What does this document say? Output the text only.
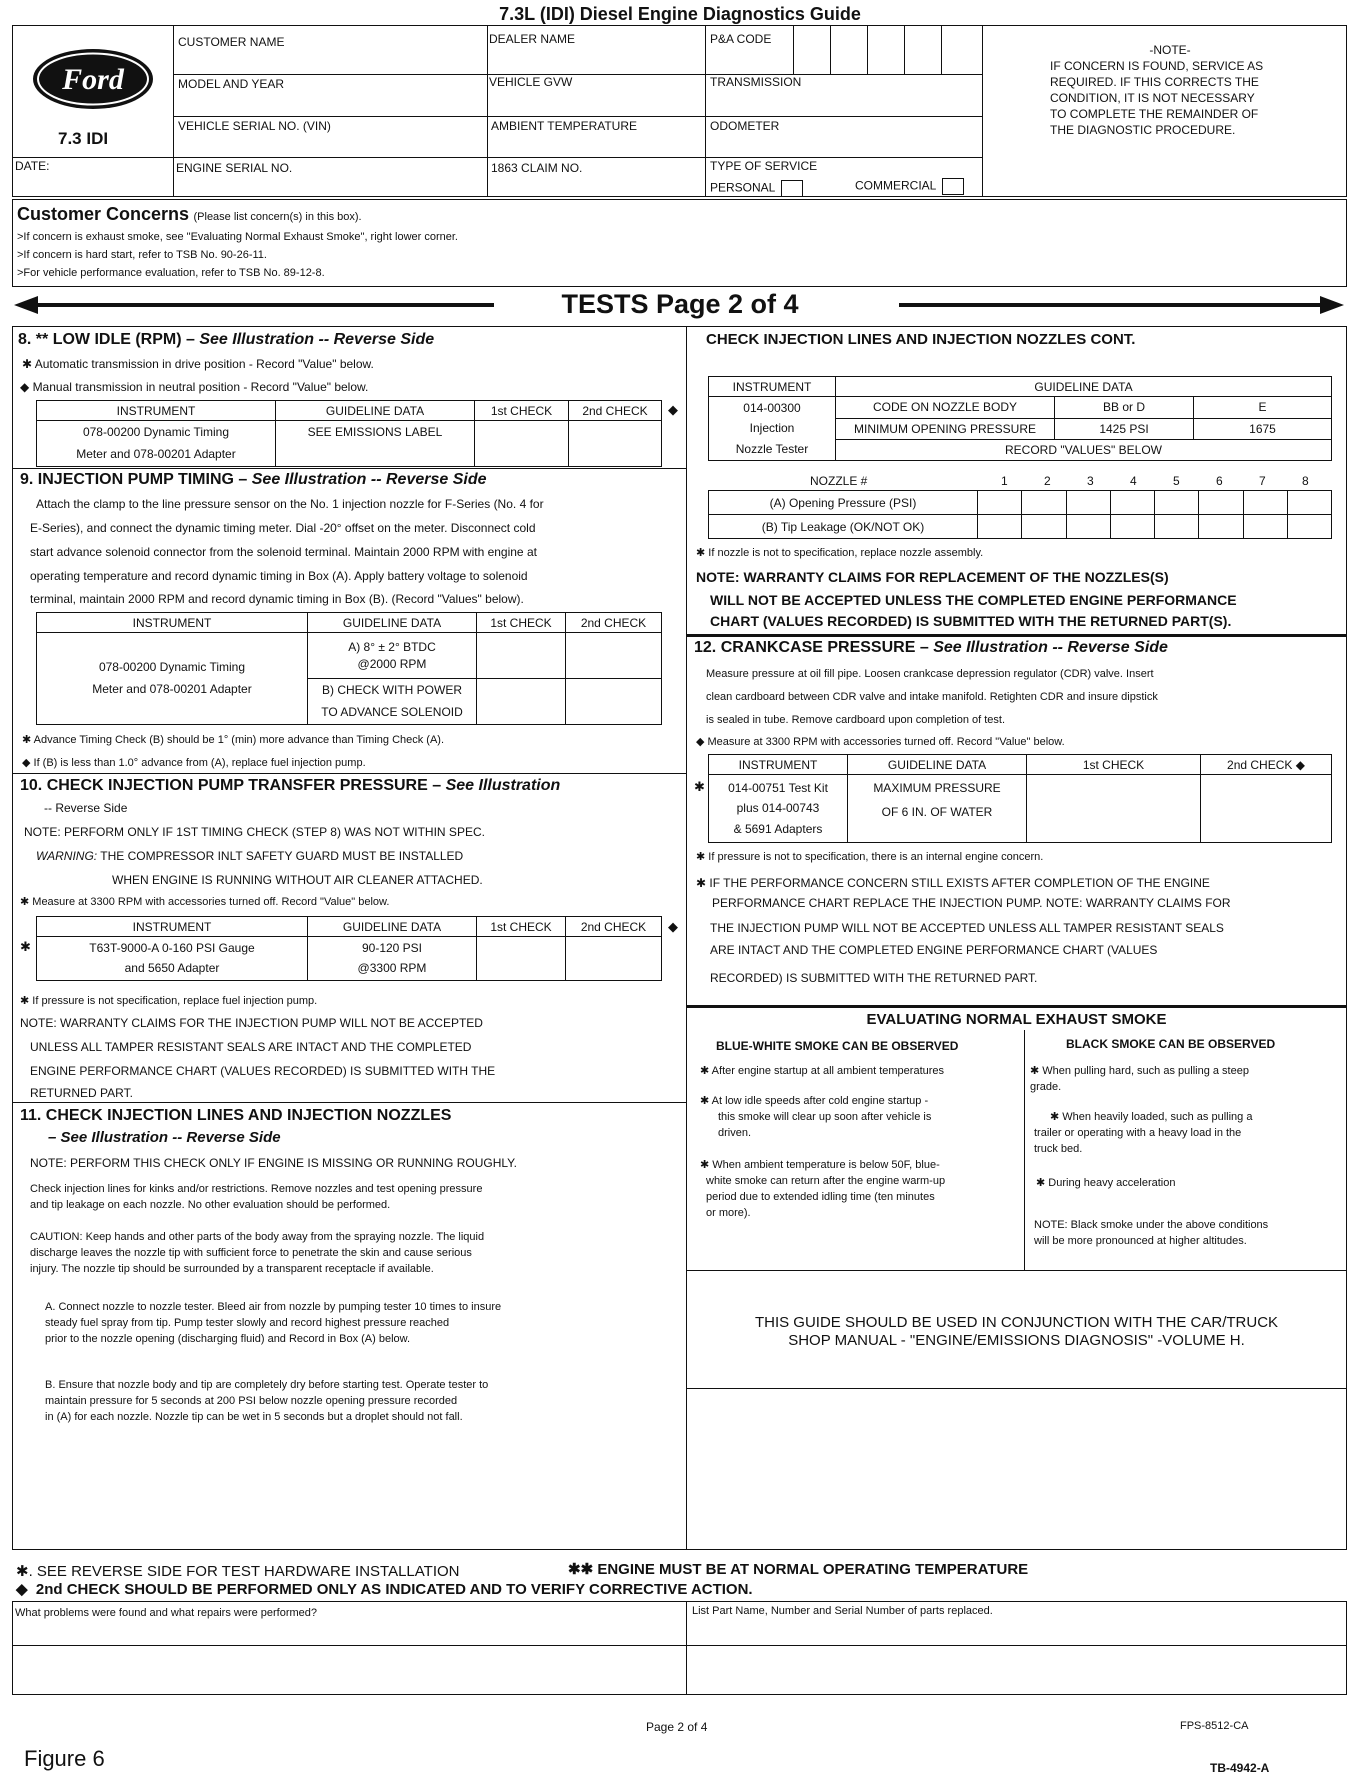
7.3L (IDI) Diesel Engine Diagnostics Guide
Ford
7.3 IDI
CUSTOMER NAME	DEALER NAME	P&A CODE
MODEL AND YEAR	VEHICLE GVW	TRANSMISSION
VEHICLE SERIAL NO. (VIN)	AMBIENT TEMPERATURE	ODOMETER
DATE:	ENGINE SERIAL NO.	1863 CLAIM NO.	TYPE OF SERVICE
PERSONAL	COMMERCIAL
-NOTE-
IF CONCERN IS FOUND, SERVICE AS
REQUIRED. IF THIS CORRECTS THE
CONDITION, IT IS NOT NECESSARY
TO COMPLETE THE REMAINDER OF
THE DIAGNOSTIC PROCEDURE.
Customer Concerns (Please list concern(s) in this box).
>If concern is exhaust smoke, see "Evaluating Normal Exhaust Smoke", right lower corner.
>If concern is hard start, refer to TSB No. 90-26-11.
>For vehicle performance evaluation, refer to TSB No. 89-12-8.
TESTS Page 2 of 4
8. ** LOW IDLE (RPM) – See Illustration -- Reverse Side
✱ Automatic transmission in drive position - Record "Value" below.
◆ Manual transmission in neutral position - Record "Value" below.
INSTRUMENT	GUIDELINE DATA	1st CHECK	2nd CHECK
078-00200 Dynamic Timing
Meter and 078-00201 Adapter	SEE EMISSIONS LABEL		
◆
9. INJECTION PUMP TIMING – See Illustration -- Reverse Side
Attach the clamp to the line pressure sensor on the No. 1 injection nozzle for F-Series (No. 4 for
E-Series), and connect the dynamic timing meter. Dial -20° offset on the meter. Disconnect cold
start advance solenoid connector from the solenoid terminal. Maintain 2000 RPM with engine at
operating temperature and record dynamic timing in Box (A). Apply battery voltage to solenoid
terminal, maintain 2000 RPM and record dynamic timing in Box (B). (Record "Values" below).
INSTRUMENT	GUIDELINE DATA	1st CHECK	2nd CHECK
078-00200 Dynamic Timing
Meter and 078-00201 Adapter	A) 8° ± 2° BTDC
@2000 RPM		
	B) CHECK WITH POWER
TO ADVANCE SOLENOID		
✱ Advance Timing Check (B) should be 1° (min) more advance than Timing Check (A).
◆ If (B) is less than 1.0° advance from (A), replace fuel injection pump.
10. CHECK INJECTION PUMP TRANSFER PRESSURE – See Illustration
-- Reverse Side
NOTE: PERFORM ONLY IF 1ST TIMING CHECK (STEP 8) WAS NOT WITHIN SPEC.
WARNING: THE COMPRESSOR INLT SAFETY GUARD MUST BE INSTALLED
WHEN ENGINE IS RUNNING WITHOUT AIR CLEANER ATTACHED.
✱ Measure at 3300 RPM with accessories turned off. Record "Value" below.
INSTRUMENT	GUIDELINE DATA	1st CHECK	2nd CHECK
T63T-9000-A 0-160 PSI Gauge
and 5650 Adapter	90-120 PSI
@3300 RPM		
✱
◆
✱ If pressure is not specification, replace fuel injection pump.
NOTE: WARRANTY CLAIMS FOR THE INJECTION PUMP WILL NOT BE ACCEPTED
UNLESS ALL TAMPER RESISTANT SEALS ARE INTACT AND THE COMPLETED
ENGINE PERFORMANCE CHART (VALUES RECORDED) IS SUBMITTED WITH THE
RETURNED PART.
11. CHECK INJECTION LINES AND INJECTION NOZZLES
– See Illustration -- Reverse Side
NOTE: PERFORM THIS CHECK ONLY IF ENGINE IS MISSING OR RUNNING ROUGHLY.
Check injection lines for kinks and/or restrictions. Remove nozzles and test opening pressure
and tip leakage on each nozzle. No other evaluation should be performed.
CAUTION: Keep hands and other parts of the body away from the spraying nozzle. The liquid
discharge leaves the nozzle tip with sufficient force to penetrate the skin and cause serious
injury. The nozzle tip should be surrounded by a transparent receptacle if available.
A. Connect nozzle to nozzle tester. Bleed air from nozzle by pumping tester 10 times to insure
steady fuel spray from tip. Pump tester slowly and record highest pressure reached
prior to the nozzle opening (discharging fluid) and Record in Box (A) below.
B. Ensure that nozzle body and tip are completely dry before starting test. Operate tester to
maintain pressure for 5 seconds at 200 PSI below nozzle opening pressure recorded
in (A) for each nozzle. Nozzle tip can be wet in 5 seconds but a droplet should not fall.
CHECK INJECTION LINES AND INJECTION NOZZLES CONT.
INSTRUMENT	GUIDELINE DATA		
014-00300
Injection
Nozzle Tester	CODE ON NOZZLE BODY	BB or D	E
	MINIMUM OPENING PRESSURE	1425 PSI	1675
	RECORD "VALUES" BELOW		
NOZZLE #	1	2	3	4	5	6	7	8
(A) Opening Pressure (PSI)								
(B) Tip Leakage (OK/NOT OK)								
✱ If nozzle is not to specification, replace nozzle assembly.
NOTE: WARRANTY CLAIMS FOR REPLACEMENT OF THE NOZZLES(S)
WILL NOT BE ACCEPTED UNLESS THE COMPLETED ENGINE PERFORMANCE
CHART (VALUES RECORDED) IS SUBMITTED WITH THE RETURNED PART(S).
12. CRANKCASE PRESSURE – See Illustration -- Reverse Side
Measure pressure at oil fill pipe. Loosen crankcase depression regulator (CDR) valve. Insert
clean cardboard between CDR valve and intake manifold. Retighten CDR and insure dipstick
is sealed in tube. Remove cardboard upon completion of test.
◆ Measure at 3300 RPM with accessories turned off. Record "Value" below.
INSTRUMENT	GUIDELINE DATA	1st CHECK	2nd CHECK ◆
014-00751 Test Kit
plus 014-00743
& 5691 Adapters	MAXIMUM PRESSURE
OF 6 IN. OF WATER		
✱
✱ If pressure is not to specification, there is an internal engine concern.
✱ IF THE PERFORMANCE CONCERN STILL EXISTS AFTER COMPLETION OF THE ENGINE
PERFORMANCE CHART REPLACE THE INJECTION PUMP. NOTE: WARRANTY CLAIMS FOR
THE INJECTION PUMP WILL NOT BE ACCEPTED UNLESS ALL TAMPER RESISTANT SEALS
ARE INTACT AND THE COMPLETED ENGINE PERFORMANCE CHART (VALUES
RECORDED) IS SUBMITTED WITH THE RETURNED PART.
EVALUATING NORMAL EXHAUST SMOKE
BLUE-WHITE SMOKE CAN BE OBSERVED	BLACK SMOKE CAN BE OBSERVED
✱ After engine startup at all ambient temperatures
✱ At low idle speeds after cold engine startup -
this smoke will clear up soon after vehicle is
driven.
✱ When ambient temperature is below 50F, blue-
white smoke can return after the engine warm-up
period due to extended idling time (ten minutes
or more).
✱ When pulling hard, such as pulling a steep
grade.
✱ When heavily loaded, such as pulling a
trailer or operating with a heavy load in the
truck bed.
✱ During heavy acceleration
NOTE: Black smoke under the above conditions
will be more pronounced at higher altitudes.
THIS GUIDE SHOULD BE USED IN CONJUNCTION WITH THE CAR/TRUCK
SHOP MANUAL - "ENGINE/EMISSIONS DIAGNOSIS" -VOLUME H.
✱. SEE REVERSE SIDE FOR TEST HARDWARE INSTALLATION	✱✱ ENGINE MUST BE AT NORMAL OPERATING TEMPERATURE
◆  2nd CHECK SHOULD BE PERFORMED ONLY AS INDICATED AND TO VERIFY CORRECTIVE ACTION.
What problems were found and what repairs were performed?	List Part Name, Number and Serial Number of parts replaced.
Page 2 of 4	FPS-8512-CA
Figure 6	TB-4942-A
